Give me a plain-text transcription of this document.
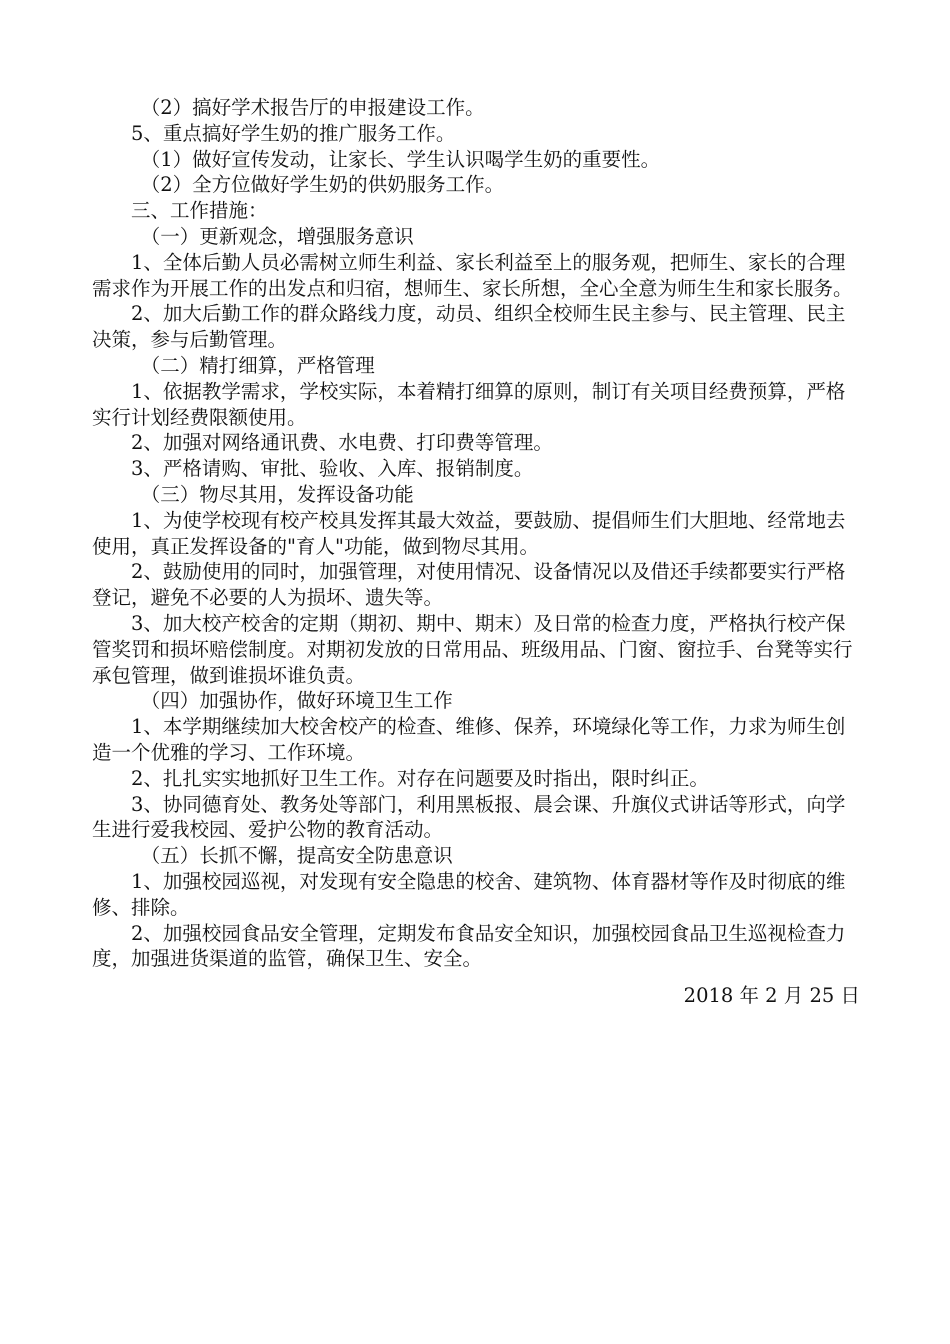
（2）搞好学术报告厅的申报建设工作。

5、重点搞好学生奶的推广服务工作。

（1）做好宣传发动，让家长、学生认识喝学生奶的重要性。

（2）全方位做好学生奶的供奶服务工作。

三、工作措施：

（一）更新观念，增强服务意识

1、全体后勤人员必需树立师生利益、家长利益至上的服务观，把师生、家长的合理需求作为开展工作的出发点和归宿，想师生、家长所想，全心全意为师生生和家长服务。

2、加大后勤工作的群众路线力度，动员、组织全校师生民主参与、民主管理、民主决策，参与后勤管理。

（二）精打细算，严格管理

1、依据教学需求，学校实际，本着精打细算的原则，制订有关项目经费预算，严格实行计划经费限额使用。

2、加强对网络通讯费、水电费、打印费等管理。

3、严格请购、审批、验收、入库、报销制度。

（三）物尽其用，发挥设备功能

1、为使学校现有校产校具发挥其最大效益，要鼓励、提倡师生们大胆地、经常地去使用，真正发挥设备的"育人"功能，做到物尽其用。

2、鼓励使用的同时，加强管理，对使用情况、设备情况以及借还手续都要实行严格登记，避免不必要的人为损坏、遗失等。

3、加大校产校舍的定期（期初、期中、期末）及日常的检查力度，严格执行校产保管奖罚和损坏赔偿制度。对期初发放的日常用品、班级用品、门窗、窗拉手、台凳等实行承包管理，做到谁损坏谁负责。

（四）加强协作，做好环境卫生工作

1、本学期继续加大校舍校产的检查、维修、保养，环境绿化等工作，力求为师生创造一个优雅的学习、工作环境。

2、扎扎实实地抓好卫生工作。对存在问题要及时指出，限时纠正。

3、协同德育处、教务处等部门，利用黑板报、晨会课、升旗仪式讲话等形式，向学生进行爱我校园、爱护公物的教育活动。

（五）长抓不懈，提高安全防患意识

1、加强校园巡视，对发现有安全隐患的校舍、建筑物、体育器材等作及时彻底的维修、排除。

2、加强校园食品安全管理，定期发布食品安全知识，加强校园食品卫生巡视检查力度，加强进货渠道的监管，确保卫生、安全。

2018 年 2 月 25 日
